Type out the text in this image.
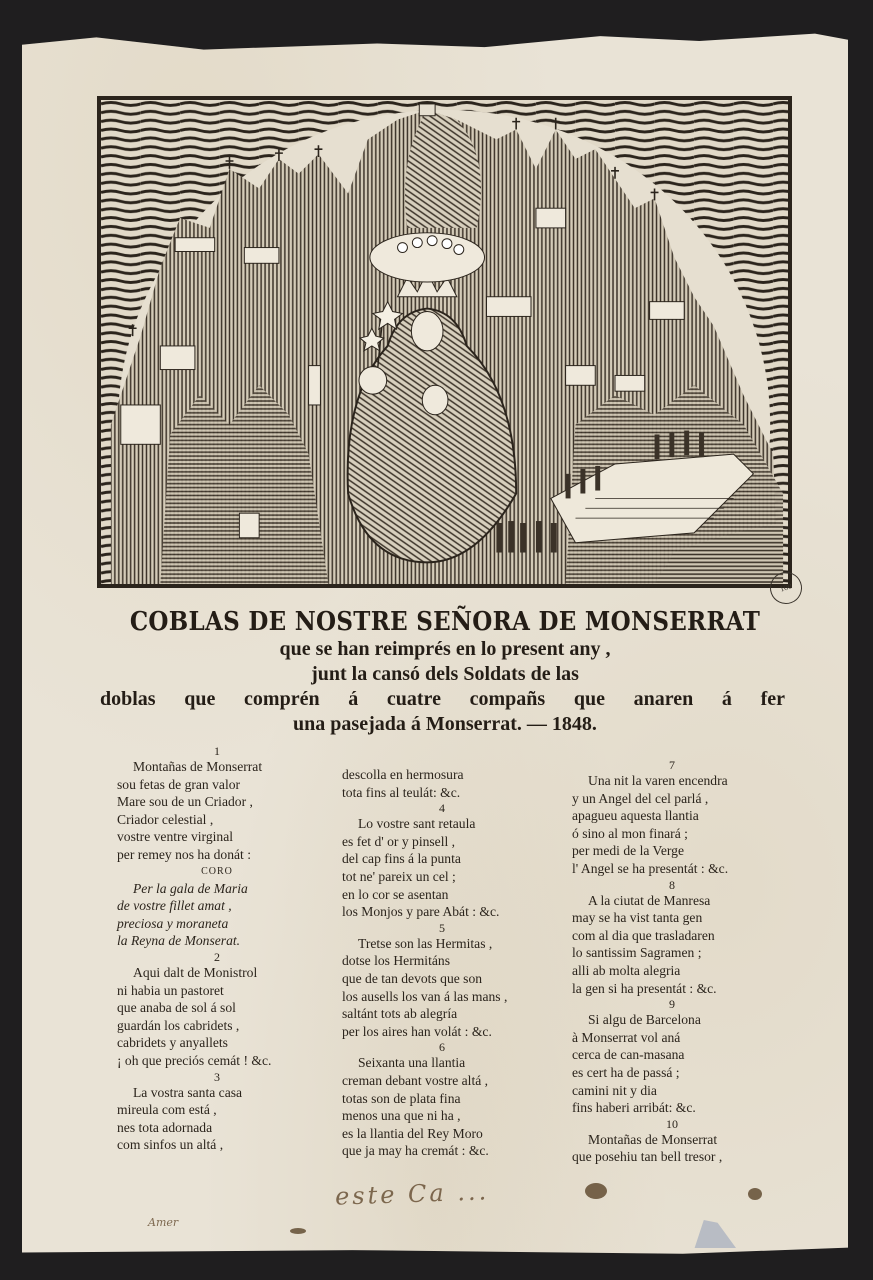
100
COBLAS DE NOSTRE SEÑORA DE MONSERRAT
que se han reimprés en lo present any ,
junt la cansó dels Soldats de las
doblas que comprén á cuatre compañs que anaren á fer
una pasejada á Monserrat. — 1848.
1
Montañas de Monserrat
sou fetas de gran valor
Mare sou de un Criador ,
Criador celestial ,
vostre ventre virginal
per remey nos ha donát :
CORO
Per la gala de Maria
de vostre fillet amat ,
preciosa y moraneta
la Reyna de Monserat.
2
Aqui dalt de Monistrol
ni habia un pastoret
que anaba de sol á sol
guardán los cabridets ,
cabridets y anyallets
¡ oh que preciós cemát ! &c.
3
La vostra santa casa
mireula com está ,
nes tota adornada
com sinfos un altá ,
descolla en hermosura
tota fins al teulát: &c.
4
Lo vostre sant retaula
es fet d' or y pinsell ,
del cap fins á la punta
tot ne' pareix un cel ;
en lo cor se asentan
los Monjos y pare Abát : &c.
5
Tretse son las Hermitas ,
dotse los Hermitáns
que de tan devots que son
los ausells los van á las mans ,
saltánt tots ab alegría
per los aires han volát : &c.
6
Seixanta una llantia
creman debant vostre altá ,
totas son de plata fina
menos una que ni ha ,
es la llantia del Rey Moro
que ja may ha cremát : &c.
7
Una nit la varen encendra
y un Angel del cel parlá ,
apagueu aquesta llantia
ó sino al mon finará ;
per medi de la Verge
l' Angel se ha presentát : &c.
8
A la ciutat de Manresa
may se ha vist tanta gen
com al dia que trasladaren
lo santissim Sagramen ;
alli ab molta alegria
la gen si ha presentát : &c.
9
Si algu de Barcelona
à Monserrat vol aná
cerca de can-masana
es cert ha de passá ;
camini nit y dia
fins haberi arribát: &c.
10
Montañas de Monserrat
que posehiu tan bell tresor ,
este Ca ...
Amer
